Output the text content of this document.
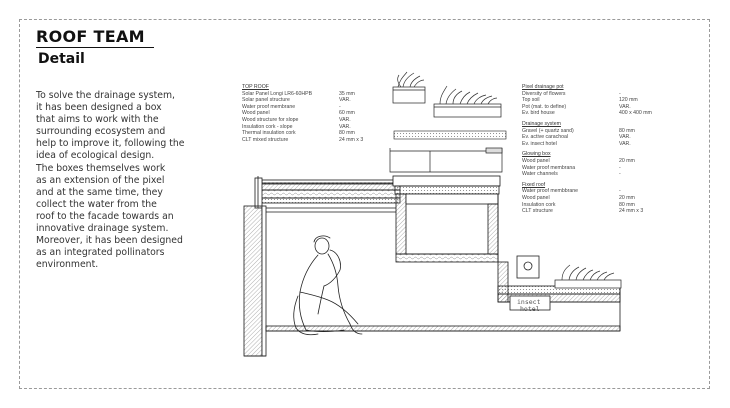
ROOF TEAM
Detail

To solve the drainage system,
it has been designed a box
that aims to work with the
surrounding ecosystem and
help to improve it, following the
idea of ecological design.
The boxes themselves work
as an extension of the pixel
and at the same time, they
collect the water from the
roof to the facade towards an
innovative drainage system.
Moreover, it has been designed
as an integrated pollinators
environment.

TOP ROOF
Solar Panel Longi LR6-60HPB	35 mm
Solar panel structure	VAR.
Water proof membrane	-
Wood panel	60 mm
Wood structure for slope	VAR.
Insulation cork - slope	VAR.
Thermal insulation cork	80 mm
CLT mixed structure	24 mm x 3
Pixel drainage pot
Diversity of flowers	-
Top soil	120 mm
Pot (mat. to define)	VAR.
Ev. bird house	400 x 400 mm
Drainage system
Gravel (+ quartz sand)	80 mm
Ev. active carachoal	VAR.
Ev. insect hotel	VAR.
Glowing box
Wood panel	20 mm
Water proof membrana	-
Water channels	-
Fixed roof
Water proof membbrane	-
Wood panel	20 mm
Insulation cork	80 mm
CLT structure	24 mm x 3
insect
hotel
